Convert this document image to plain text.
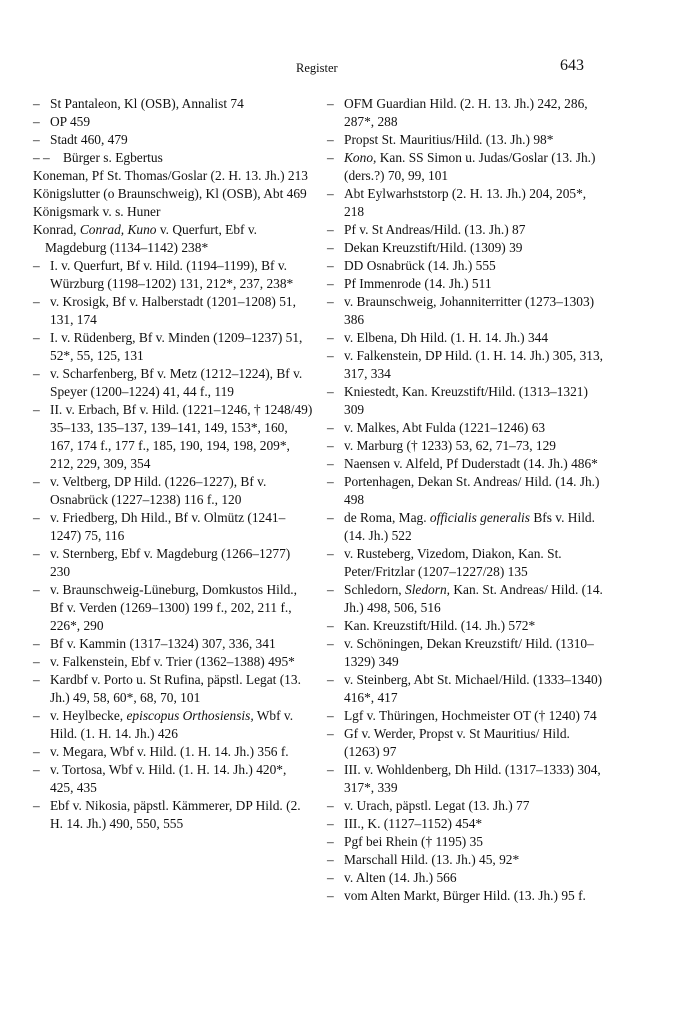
Register	643
– St Pantaleon, Kl (OSB), Annalist 74
– OP 459
– Stadt 460, 479
– – Bürger s. Egbertus
Koneman, Pf St. Thomas/Goslar (2. H. 13. Jh.) 213
Königslutter (o Braunschweig), Kl (OSB), Abt 469
Königsmark v. s. Huner
Konrad, Conrad, Kuno v. Querfurt, Ebf v. Magdeburg (1134–1142) 238*
– I. v. Querfurt, Bf v. Hild. (1194–1199), Bf v. Würzburg (1198–1202) 131, 212*, 237, 238*
– v. Krosigk, Bf v. Halberstadt (1201–1208) 51, 131, 174
– I. v. Rüdenberg, Bf v. Minden (1209–1237) 51, 52*, 55, 125, 131
– v. Scharfenberg, Bf v. Metz (1212–1224), Bf v. Speyer (1200–1224) 41, 44 f., 119
– II. v. Erbach, Bf v. Hild. (1221–1246, † 1248/49) 35–133, 135–137, 139–141, 149, 153*, 160, 167, 174 f., 177 f., 185, 190, 194, 198, 209*, 212, 229, 309, 354
– v. Veltberg, DP Hild. (1226–1227), Bf v. Osnabrück (1227–1238) 116 f., 120
– v. Friedberg, Dh Hild., Bf v. Olmütz (1241–1247) 75, 116
– v. Sternberg, Ebf v. Magdeburg (1266–1277) 230
– v. Braunschweig-Lüneburg, Domkustos Hild., Bf v. Verden (1269–1300) 199 f., 202, 211 f., 226*, 290
– Bf v. Kammin (1317–1324) 307, 336, 341
– v. Falkenstein, Ebf v. Trier (1362–1388) 495*
– Kardbf v. Porto u. St Rufina, päpstl. Legat (13. Jh.) 49, 58, 60*, 68, 70, 101
– v. Heylbecke, episcopus Orthosiensis, Wbf v. Hild. (1. H. 14. Jh.) 426
– v. Megara, Wbf v. Hild. (1. H. 14. Jh.) 356 f.
– v. Tortosa, Wbf v. Hild. (1. H. 14. Jh.) 420*, 425, 435
– Ebf v. Nikosia, päpstl. Kämmerer, DP Hild. (2. H. 14. Jh.) 490, 550, 555
– OFM Guardian Hild. (2. H. 13. Jh.) 242, 286, 287*, 288
– Propst St. Mauritius/Hild. (13. Jh.) 98*
– Kono, Kan. SS Simon u. Judas/Goslar (13. Jh.) (ders.?) 70, 99, 101
– Abt Eylwarhststorp (2. H. 13. Jh.) 204, 205*, 218
– Pf v. St Andreas/Hild. (13. Jh.) 87
– Dekan Kreuzstift/Hild. (1309) 39
– DD Osnabrück (14. Jh.) 555
– Pf Immenrode (14. Jh.) 511
– v. Braunschweig, Johanniterritter (1273–1303) 386
– v. Elbena, Dh Hild. (1. H. 14. Jh.) 344
– v. Falkenstein, DP Hild. (1. H. 14. Jh.) 305, 313, 317, 334
– Kniestedt, Kan. Kreuzstift/Hild. (1313–1321) 309
– v. Malkes, Abt Fulda (1221–1246) 63
– v. Marburg († 1233) 53, 62, 71–73, 129
– Naensen v. Alfeld, Pf Duderstadt (14. Jh.) 486*
– Portenhagen, Dekan St. Andreas/ Hild. (14. Jh.) 498
– de Roma, Mag. officialis generalis Bfs v. Hild. (14. Jh.) 522
– v. Rusteberg, Vizedom, Diakon, Kan. St. Peter/Fritzlar (1207–1227/28) 135
– Schledorn, Sledorn, Kan. St. Andreas/ Hild. (14. Jh.) 498, 506, 516
– Kan. Kreuzstift/Hild. (14. Jh.) 572*
– v. Schöningen, Dekan Kreuzstift/ Hild. (1310–1329) 349
– v. Steinberg, Abt St. Michael/Hild. (1333–1340) 416*, 417
– Lgf v. Thüringen, Hochmeister OT († 1240) 74
– Gf v. Werder, Propst v. St Mauritius/ Hild. (1263) 97
– III. v. Wohldenberg, Dh Hild. (1317–1333) 304, 317*, 339
– v. Urach, päpstl. Legat (13. Jh.) 77
– III., K. (1127–1152) 454*
– Pgf bei Rhein († 1195) 35
– Marschall Hild. (13. Jh.) 45, 92*
– v. Alten (14. Jh.) 566
– vom Alten Markt, Bürger Hild. (13. Jh.) 95 f.
